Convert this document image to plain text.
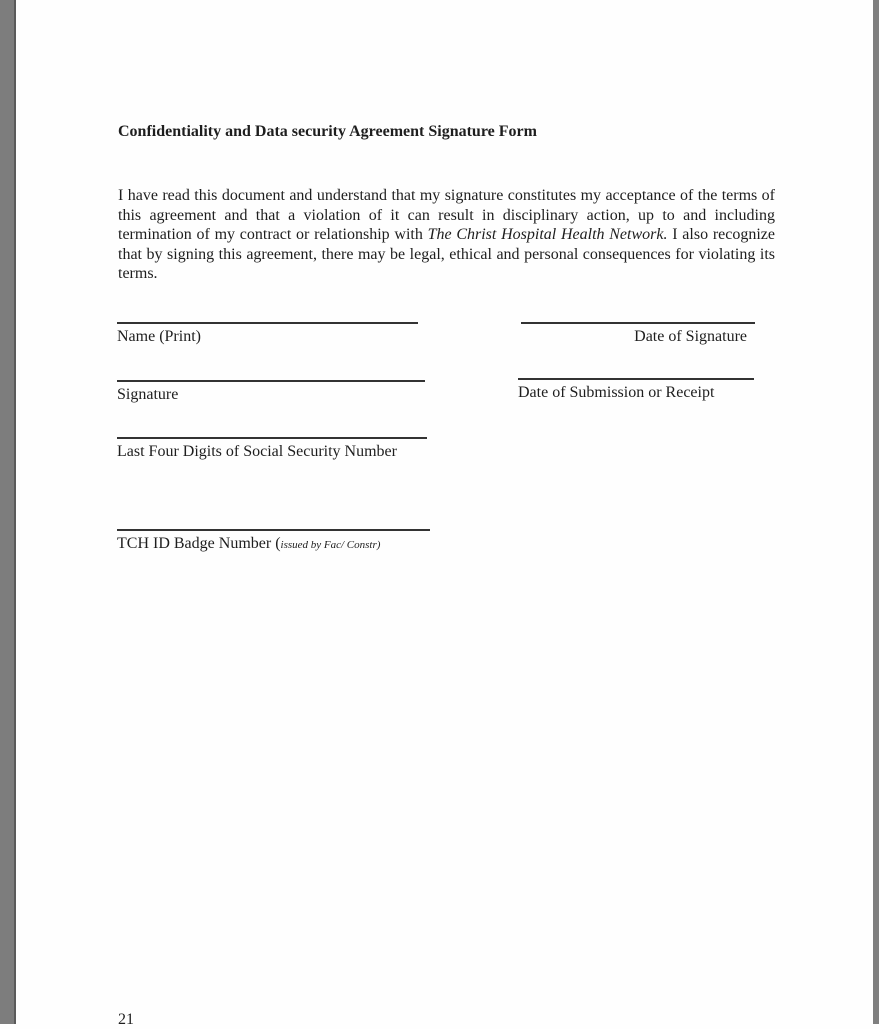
Confidentiality and Data security Agreement Signature Form

I have read this document and understand that my signature constitutes my acceptance of the terms of this agreement and that a violation of it can result in disciplinary action, up to and including termination of my contract or relationship with The Christ Hospital Health Network. I also recognize that by signing this agreement, there may be legal, ethical and personal consequences for violating its terms.

Name (Print)	Date of Signature
Signature	Date of Submission or Receipt
Last Four Digits of Social Security Number
TCH ID Badge Number (issued by Fac/ Constr)
21
